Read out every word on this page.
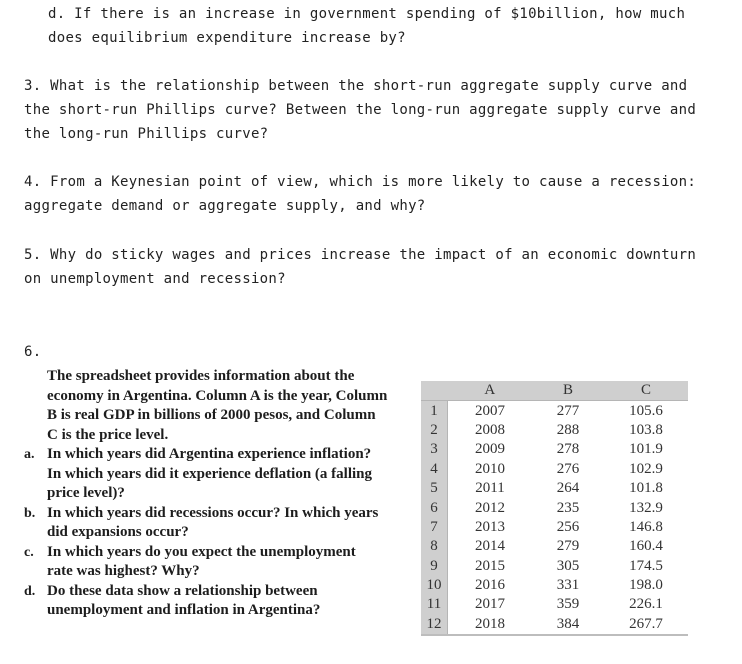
d. If there is an increase in government spending of $10billion, how much
does equilibrium expenditure increase by?
3. What is the relationship between the short-run aggregate supply curve and
the short-run Phillips curve? Between the long-run aggregate supply curve and
the long-run Phillips curve?
4. From a Keynesian point of view, which is more likely to cause a recession:
aggregate demand or aggregate supply, and why?
5. Why do sticky wages and prices increase the impact of an economic downturn
on unemployment and recession?
6.
The spreadsheet provides information about the
economy in Argentina. Column A is the year, Column
B is real GDP in billions of 2000 pesos, and Column
C is the price level.
a. In which years did Argentina experience inflation?
In which years did it experience deflation (a falling
price level)?
b. In which years did recessions occur? In which years
did expansions occur?
c. In which years do you expect the unemployment
rate was highest? Why?
d. Do these data show a relationship between
unemployment and inflation in Argentina?
	A	B	C
1	2007	277	105.6
2	2008	288	103.8
3	2009	278	101.9
4	2010	276	102.9
5	2011	264	101.8
6	2012	235	132.9
7	2013	256	146.8
8	2014	279	160.4
9	2015	305	174.5
10	2016	331	198.0
11	2017	359	226.1
12	2018	384	267.7
